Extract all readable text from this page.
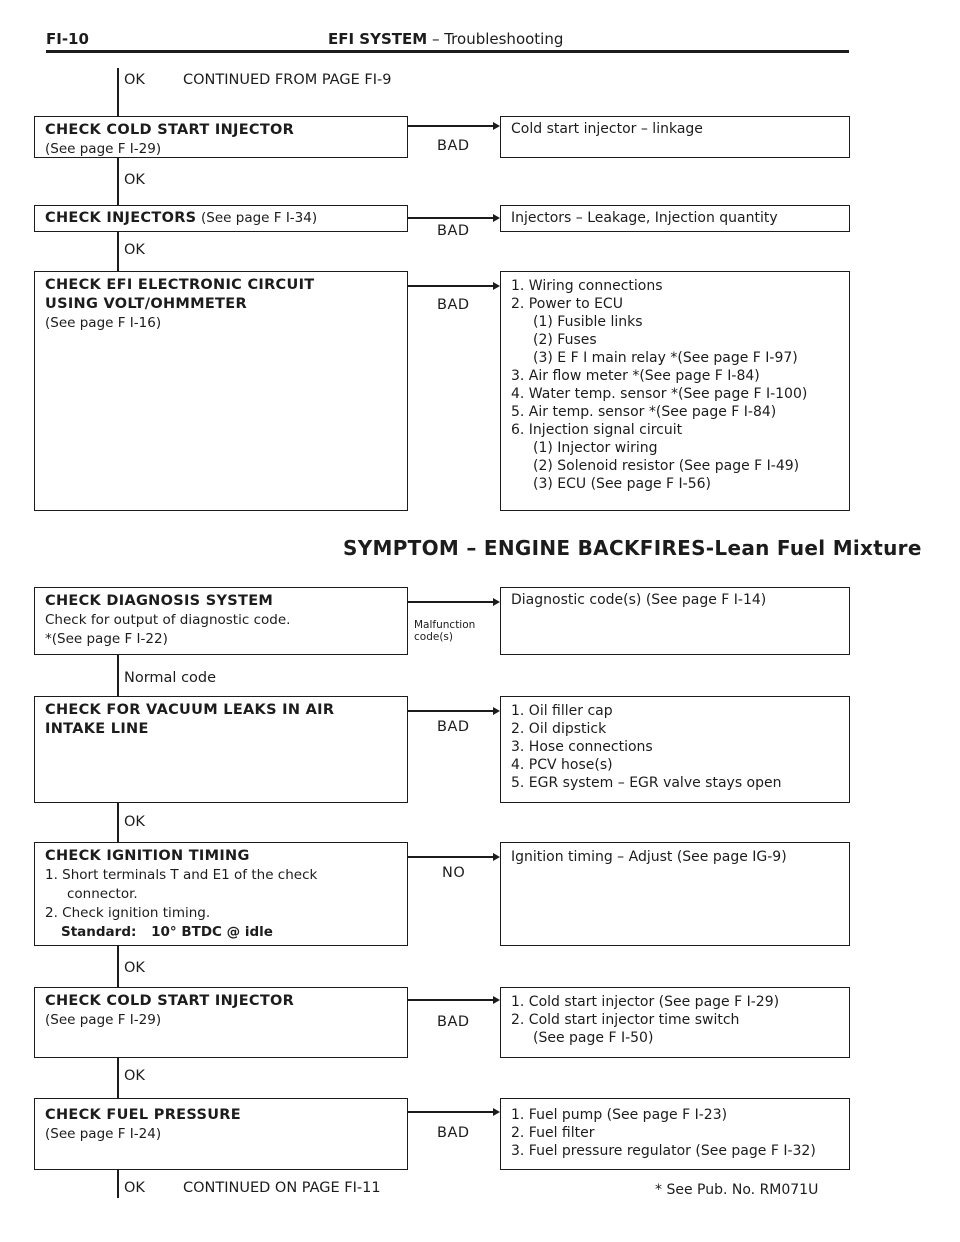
FI-10	EFI SYSTEM – Troubleshooting
OK	CONTINUED FROM PAGE FI-9
CHECK COLD START INJECTOR
(See page F I-29)	BAD
Cold start injector – linkage
OK
CHECK INJECTORS (See page F I-34)
BAD
Injectors – Leakage, Injection quantity
OK
CHECK EFI ELECTRONIC CIRCUIT
USING VOLT/OHMMETER
(See page F I-16)
BAD
1. Wiring connections
2. Power to ECU
(1) Fusible links
(2) Fuses
(3) E F I main relay *(See page F I-97)
3. Air flow meter *(See page F I-84)
4. Water temp. sensor *(See page F I-100)
5. Air temp. sensor *(See page F I-84)
6. Injection signal circuit
(1) Injector wiring
(2) Solenoid resistor (See page F I-49)
(3) ECU (See page F I-56)
SYMPTOM – ENGINE BACKFIRES-Lean Fuel Mixture
CHECK DIAGNOSIS SYSTEM
Check for output of diagnostic code.
*(See page F I-22)
Malfunction
code(s)
Diagnostic code(s) (See page F I-14)
Normal code
CHECK FOR VACUUM LEAKS IN AIR
INTAKE LINE	BAD
1. Oil filler cap
2. Oil dipstick
3. Hose connections
4. PCV hose(s)
5. EGR system – EGR valve stays open
OK
CHECK IGNITION TIMING
1. Short terminals T and E1 of the check
connector.
2. Check ignition timing.
Standard: 10° BTDC @ idle
NO
Ignition timing – Adjust (See page IG-9)
OK
CHECK COLD START INJECTOR
(See page F I-29)	BAD
1. Cold start injector (See page F I-29)
2. Cold start injector time switch
(See page F I-50)
OK
CHECK FUEL PRESSURE
(See page F I-24)	BAD
1. Fuel pump (See page F I-23)
2. Fuel filter
3. Fuel pressure regulator (See page F I-32)
OK	CONTINUED ON PAGE FI-11	* See Pub. No. RM071U
